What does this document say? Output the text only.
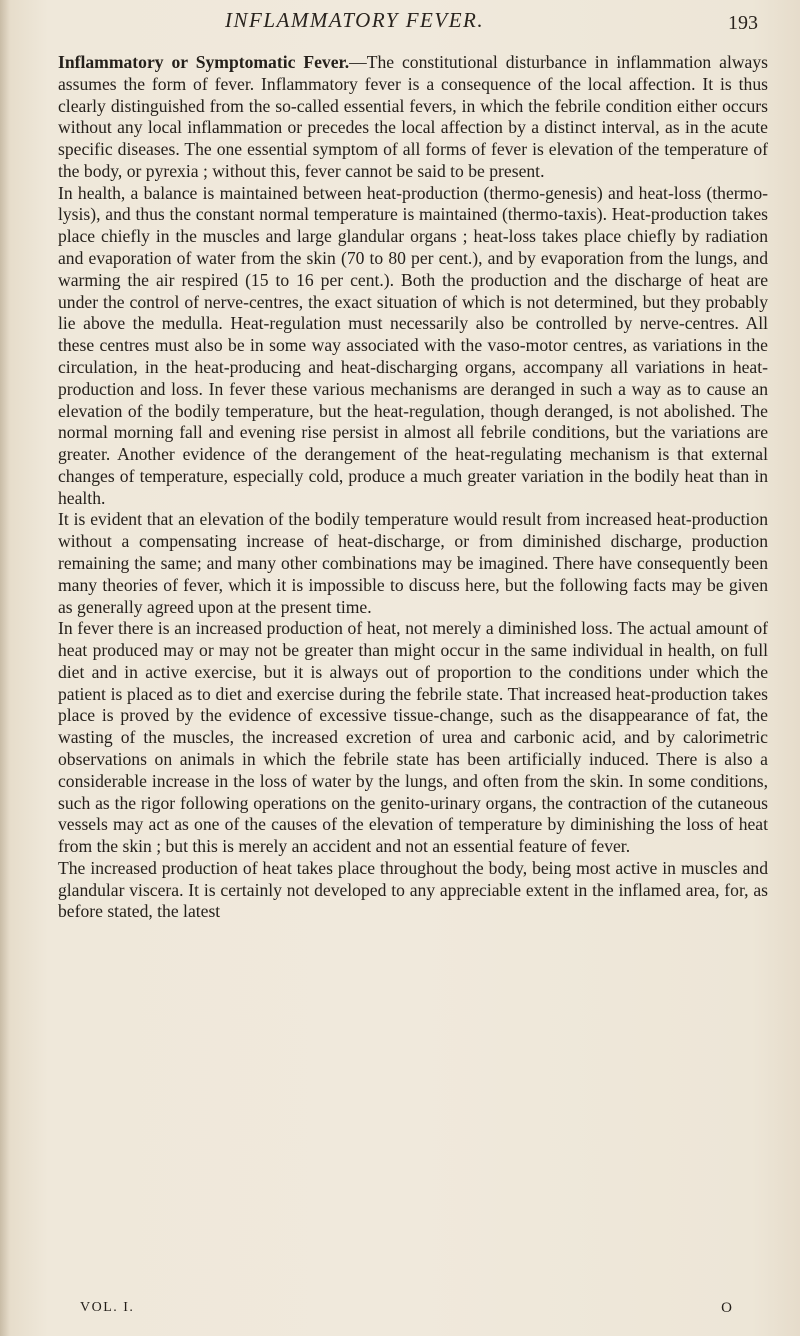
INFLAMMATORY FEVER.	193

Inflammatory or Symptomatic Fever.—The constitutional disturbance in inflammation always assumes the form of fever. Inflammatory fever is a consequence of the local affection. It is thus clearly distinguished from the so-called essential fevers, in which the febrile condition either occurs without any local inflammation or precedes the local affection by a distinct interval, as in the acute specific diseases. The one essential symptom of all forms of fever is elevation of the temperature of the body, or pyrexia ; without this, fever cannot be said to be present.

In health, a balance is maintained between heat-production (thermo-genesis) and heat-loss (thermo-lysis), and thus the constant normal temperature is maintained (thermo-taxis). Heat-production takes place chiefly in the muscles and large glandular organs ; heat-loss takes place chiefly by radiation and evaporation of water from the skin (70 to 80 per cent.), and by evaporation from the lungs, and warming the air respired (15 to 16 per cent.). Both the production and the discharge of heat are under the control of nerve-centres, the exact situation of which is not determined, but they probably lie above the medulla. Heat-regulation must necessarily also be controlled by nerve-centres. All these centres must also be in some way associated with the vaso-motor centres, as variations in the circulation, in the heat-producing and heat-discharging organs, accompany all variations in heat-production and loss. In fever these various mechanisms are deranged in such a way as to cause an elevation of the bodily temperature, but the heat-regulation, though deranged, is not abolished. The normal morning fall and evening rise persist in almost all febrile conditions, but the variations are greater. Another evidence of the derangement of the heat-regulating mechanism is that external changes of temperature, especially cold, produce a much greater variation in the bodily heat than in health.

It is evident that an elevation of the bodily temperature would result from increased heat-production without a compensating increase of heat-discharge, or from diminished discharge, production remaining the same; and many other combinations may be imagined. There have consequently been many theories of fever, which it is impossible to discuss here, but the following facts may be given as generally agreed upon at the present time.

In fever there is an increased production of heat, not merely a diminished loss. The actual amount of heat produced may or may not be greater than might occur in the same individual in health, on full diet and in active exercise, but it is always out of proportion to the conditions under which the patient is placed as to diet and exercise during the febrile state. That increased heat-production takes place is proved by the evidence of excessive tissue-change, such as the disappearance of fat, the wasting of the muscles, the increased excretion of urea and carbonic acid, and by calorimetric observations on animals in which the febrile state has been artificially induced. There is also a considerable increase in the loss of water by the lungs, and often from the skin. In some conditions, such as the rigor following operations on the genito-urinary organs, the contraction of the cutaneous vessels may act as one of the causes of the elevation of temperature by diminishing the loss of heat from the skin ; but this is merely an accident and not an essential feature of fever.

The increased production of heat takes place throughout the body, being most active in muscles and glandular viscera. It is certainly not developed to any appreciable extent in the inflamed area, for, as before stated, the latest

VOL. I.	O
